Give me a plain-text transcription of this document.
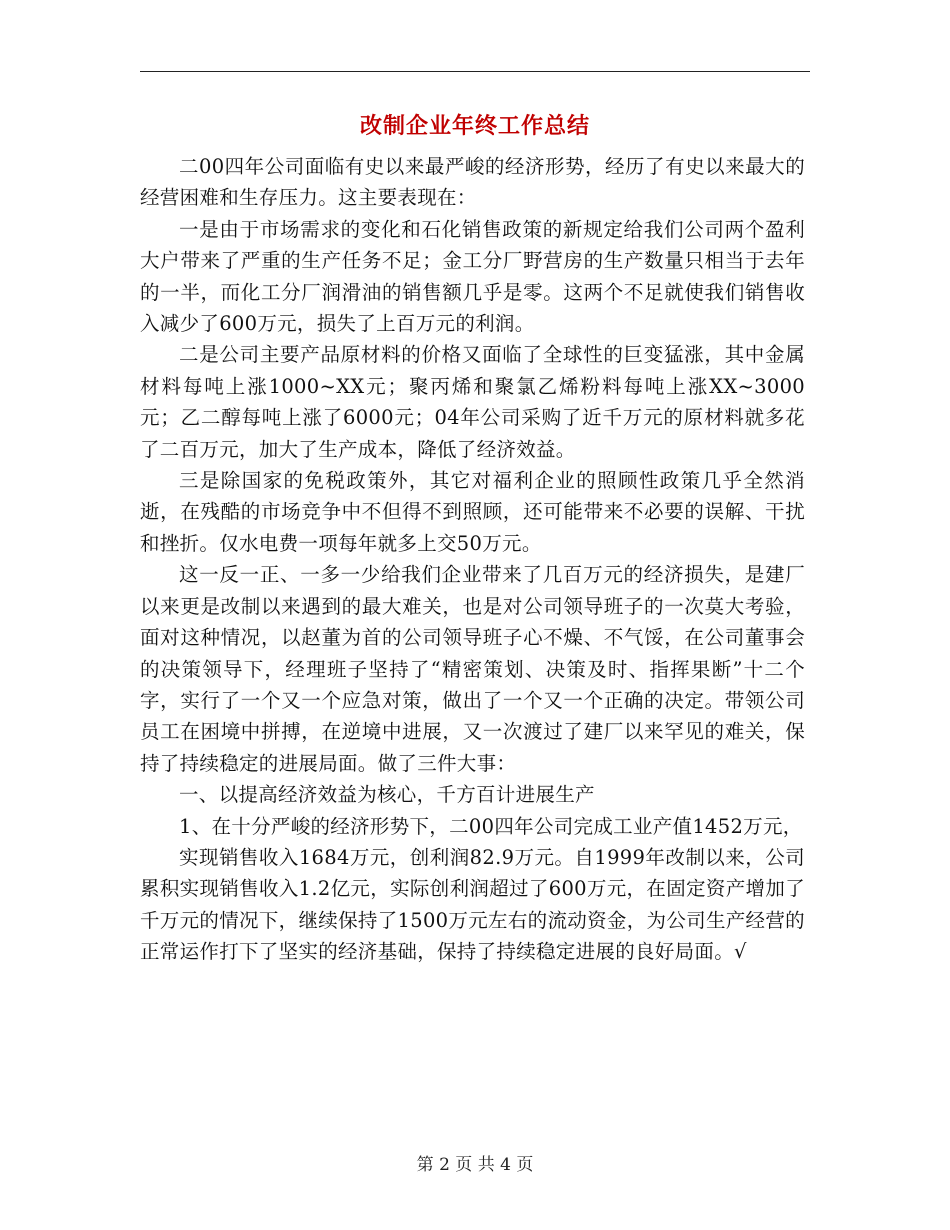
改制企业年终工作总结

二00四年公司面临有史以来最严峻的经济形势，经历了有史以来最大的经营困难和生存压力。这主要表现在：

一是由于市场需求的变化和石化销售政策的新规定给我们公司两个盈利大户带来了严重的生产任务不足；金工分厂野营房的生产数量只相当于去年的一半，而化工分厂润滑油的销售额几乎是零。这两个不足就使我们销售收入减少了600万元，损失了上百万元的利润。

二是公司主要产品原材料的价格又面临了全球性的巨变猛涨，其中金属材料每吨上涨1000~XX元；聚丙烯和聚氯乙烯粉料每吨上涨XX~3000元；乙二醇每吨上涨了6000元；04年公司采购了近千万元的原材料就多花了二百万元，加大了生产成本，降低了经济效益。

三是除国家的免税政策外，其它对福利企业的照顾性政策几乎全然消逝，在残酷的市场竞争中不但得不到照顾，还可能带来不必要的误解、干扰和挫折。仅水电费一项每年就多上交50万元。

这一反一正、一多一少给我们企业带来了几百万元的经济损失，是建厂以来更是改制以来遇到的最大难关，也是对公司领导班子的一次莫大考验，面对这种情况，以赵董为首的公司领导班子心不燥、不气馁，在公司董事会的决策领导下，经理班子坚持了“精密策划、决策及时、指挥果断”十二个字，实行了一个又一个应急对策，做出了一个又一个正确的决定。带领公司员工在困境中拼搏，在逆境中进展，又一次渡过了建厂以来罕见的难关，保持了持续稳定的进展局面。做了三件大事：

一、以提高经济效益为核心，千方百计进展生产

1、在十分严峻的经济形势下，二00四年公司完成工业产值1452万元，

实现销售收入1684万元，创利润82.9万元。自1999年改制以来，公司累积实现销售收入1.2亿元，实际创利润超过了600万元，在固定资产增加了千万元的情况下，继续保持了1500万元左右的流动资金，为公司生产经营的正常运作打下了坚实的经济基础，保持了持续稳定进展的良好局面。√

第 2 页 共 4 页
